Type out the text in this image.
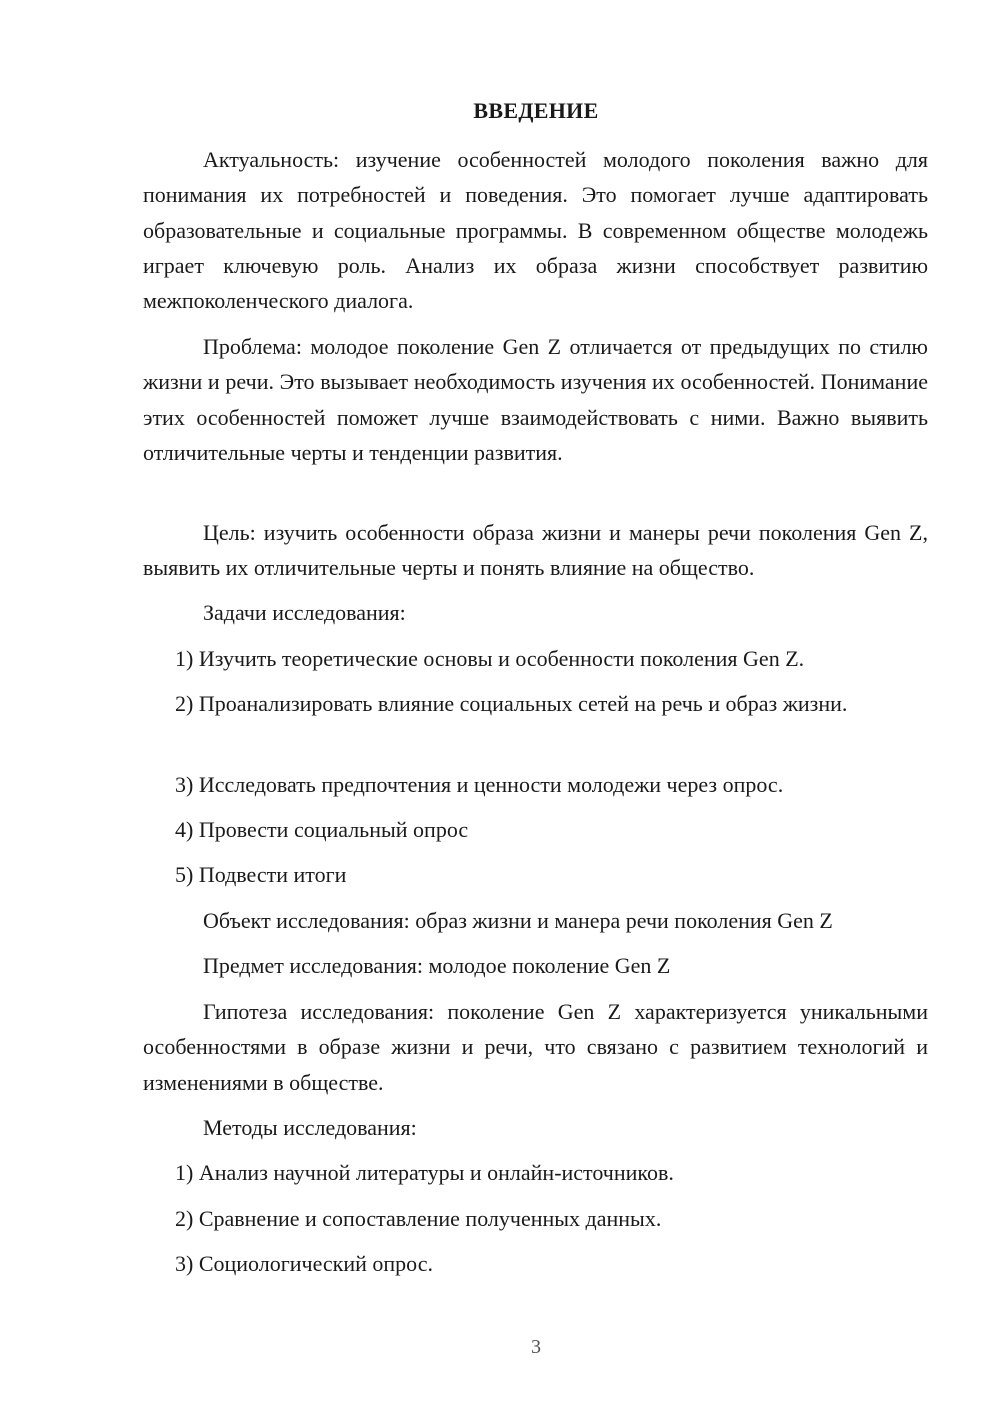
ВВЕДЕНИЕ

Актуальность: изучение особенностей молодого поколения важно для понимания их потребностей и поведения. Это помогает лучше адаптировать образовательные и социальные программы. В современном обществе молодежь играет ключевую роль. Анализ их образа жизни способствует развитию межпоколенческого диалога.

Проблема: молодое поколение Gen Z отличается от предыдущих по стилю жизни и речи. Это вызывает необходимость изучения их особенностей. Понимание этих особенностей поможет лучше взаимодействовать с ними. Важно выявить отличительные черты и тенденции развития.

Цель: изучить особенности образа жизни и манеры речи поколения Gen Z, выявить их отличительные черты и понять влияние на общество.

Задачи исследования:

1) Изучить теоретические основы и особенности поколения Gen Z.

2) Проанализировать влияние социальных сетей на речь и образ жизни.

3) Исследовать предпочтения и ценности молодежи через опрос.

4) Провести социальный опрос

5) Подвести итоги

Объект исследования: образ жизни и манера речи поколения Gen Z

Предмет исследования: молодое поколение Gen Z

Гипотеза исследования: поколение Gen Z характеризуется уникальными особенностями в образе жизни и речи, что связано с развитием технологий и изменениями в обществе.

Методы исследования:

1) Анализ научной литературы и онлайн-источников.

2) Сравнение и сопоставление полученных данных.

3) Социологический опрос.

3
